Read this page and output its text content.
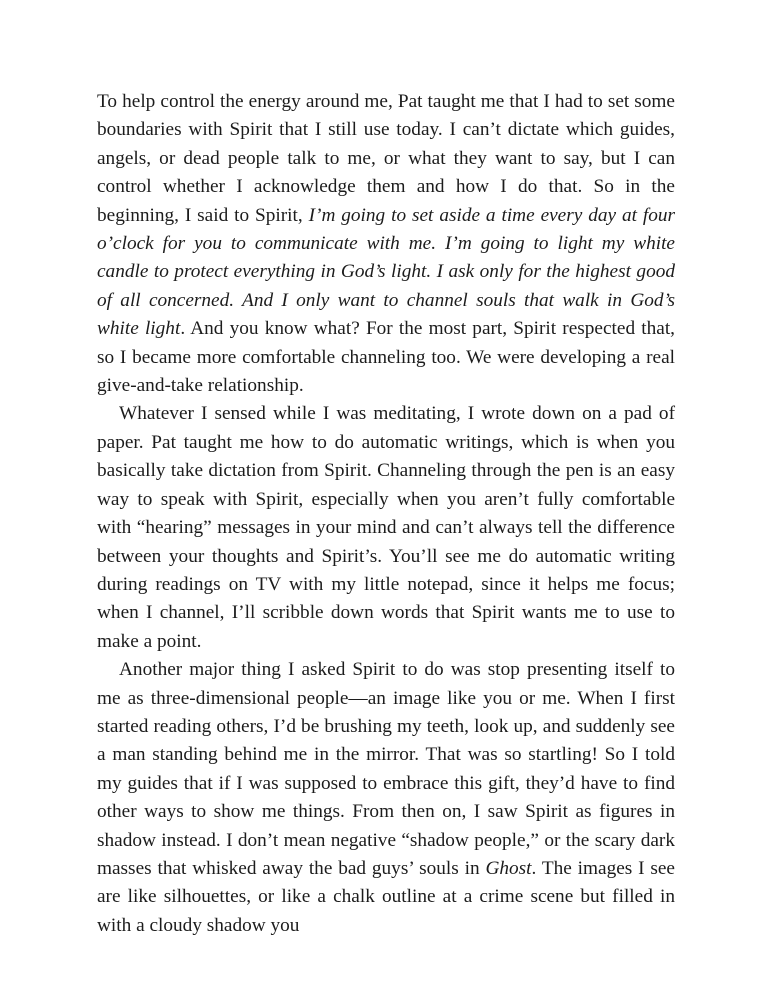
To help control the energy around me, Pat taught me that I had to set some boundaries with Spirit that I still use today. I can’t dictate which guides, angels, or dead people talk to me, or what they want to say, but I can control whether I acknowledge them and how I do that. So in the beginning, I said to Spirit, I’m going to set aside a time every day at four o’clock for you to communicate with me. I’m going to light my white candle to protect everything in God’s light. I ask only for the highest good of all concerned. And I only want to channel souls that walk in God’s white light. And you know what? For the most part, Spirit respected that, so I became more comfortable channeling too. We were developing a real give-and-take relationship.

Whatever I sensed while I was meditating, I wrote down on a pad of paper. Pat taught me how to do automatic writings, which is when you basically take dictation from Spirit. Channeling through the pen is an easy way to speak with Spirit, especially when you aren’t fully comfortable with “hearing” messages in your mind and can’t always tell the difference between your thoughts and Spirit’s. You’ll see me do automatic writing during readings on TV with my little notepad, since it helps me focus; when I channel, I’ll scribble down words that Spirit wants me to use to make a point.

Another major thing I asked Spirit to do was stop presenting itself to me as three-dimensional people—an image like you or me. When I first started reading others, I’d be brushing my teeth, look up, and suddenly see a man standing behind me in the mirror. That was so startling! So I told my guides that if I was supposed to embrace this gift, they’d have to find other ways to show me things. From then on, I saw Spirit as figures in shadow instead. I don’t mean negative “shadow people,” or the scary dark masses that whisked away the bad guys’ souls in Ghost. The images I see are like silhouettes, or like a chalk outline at a crime scene but filled in with a cloudy shadow you
